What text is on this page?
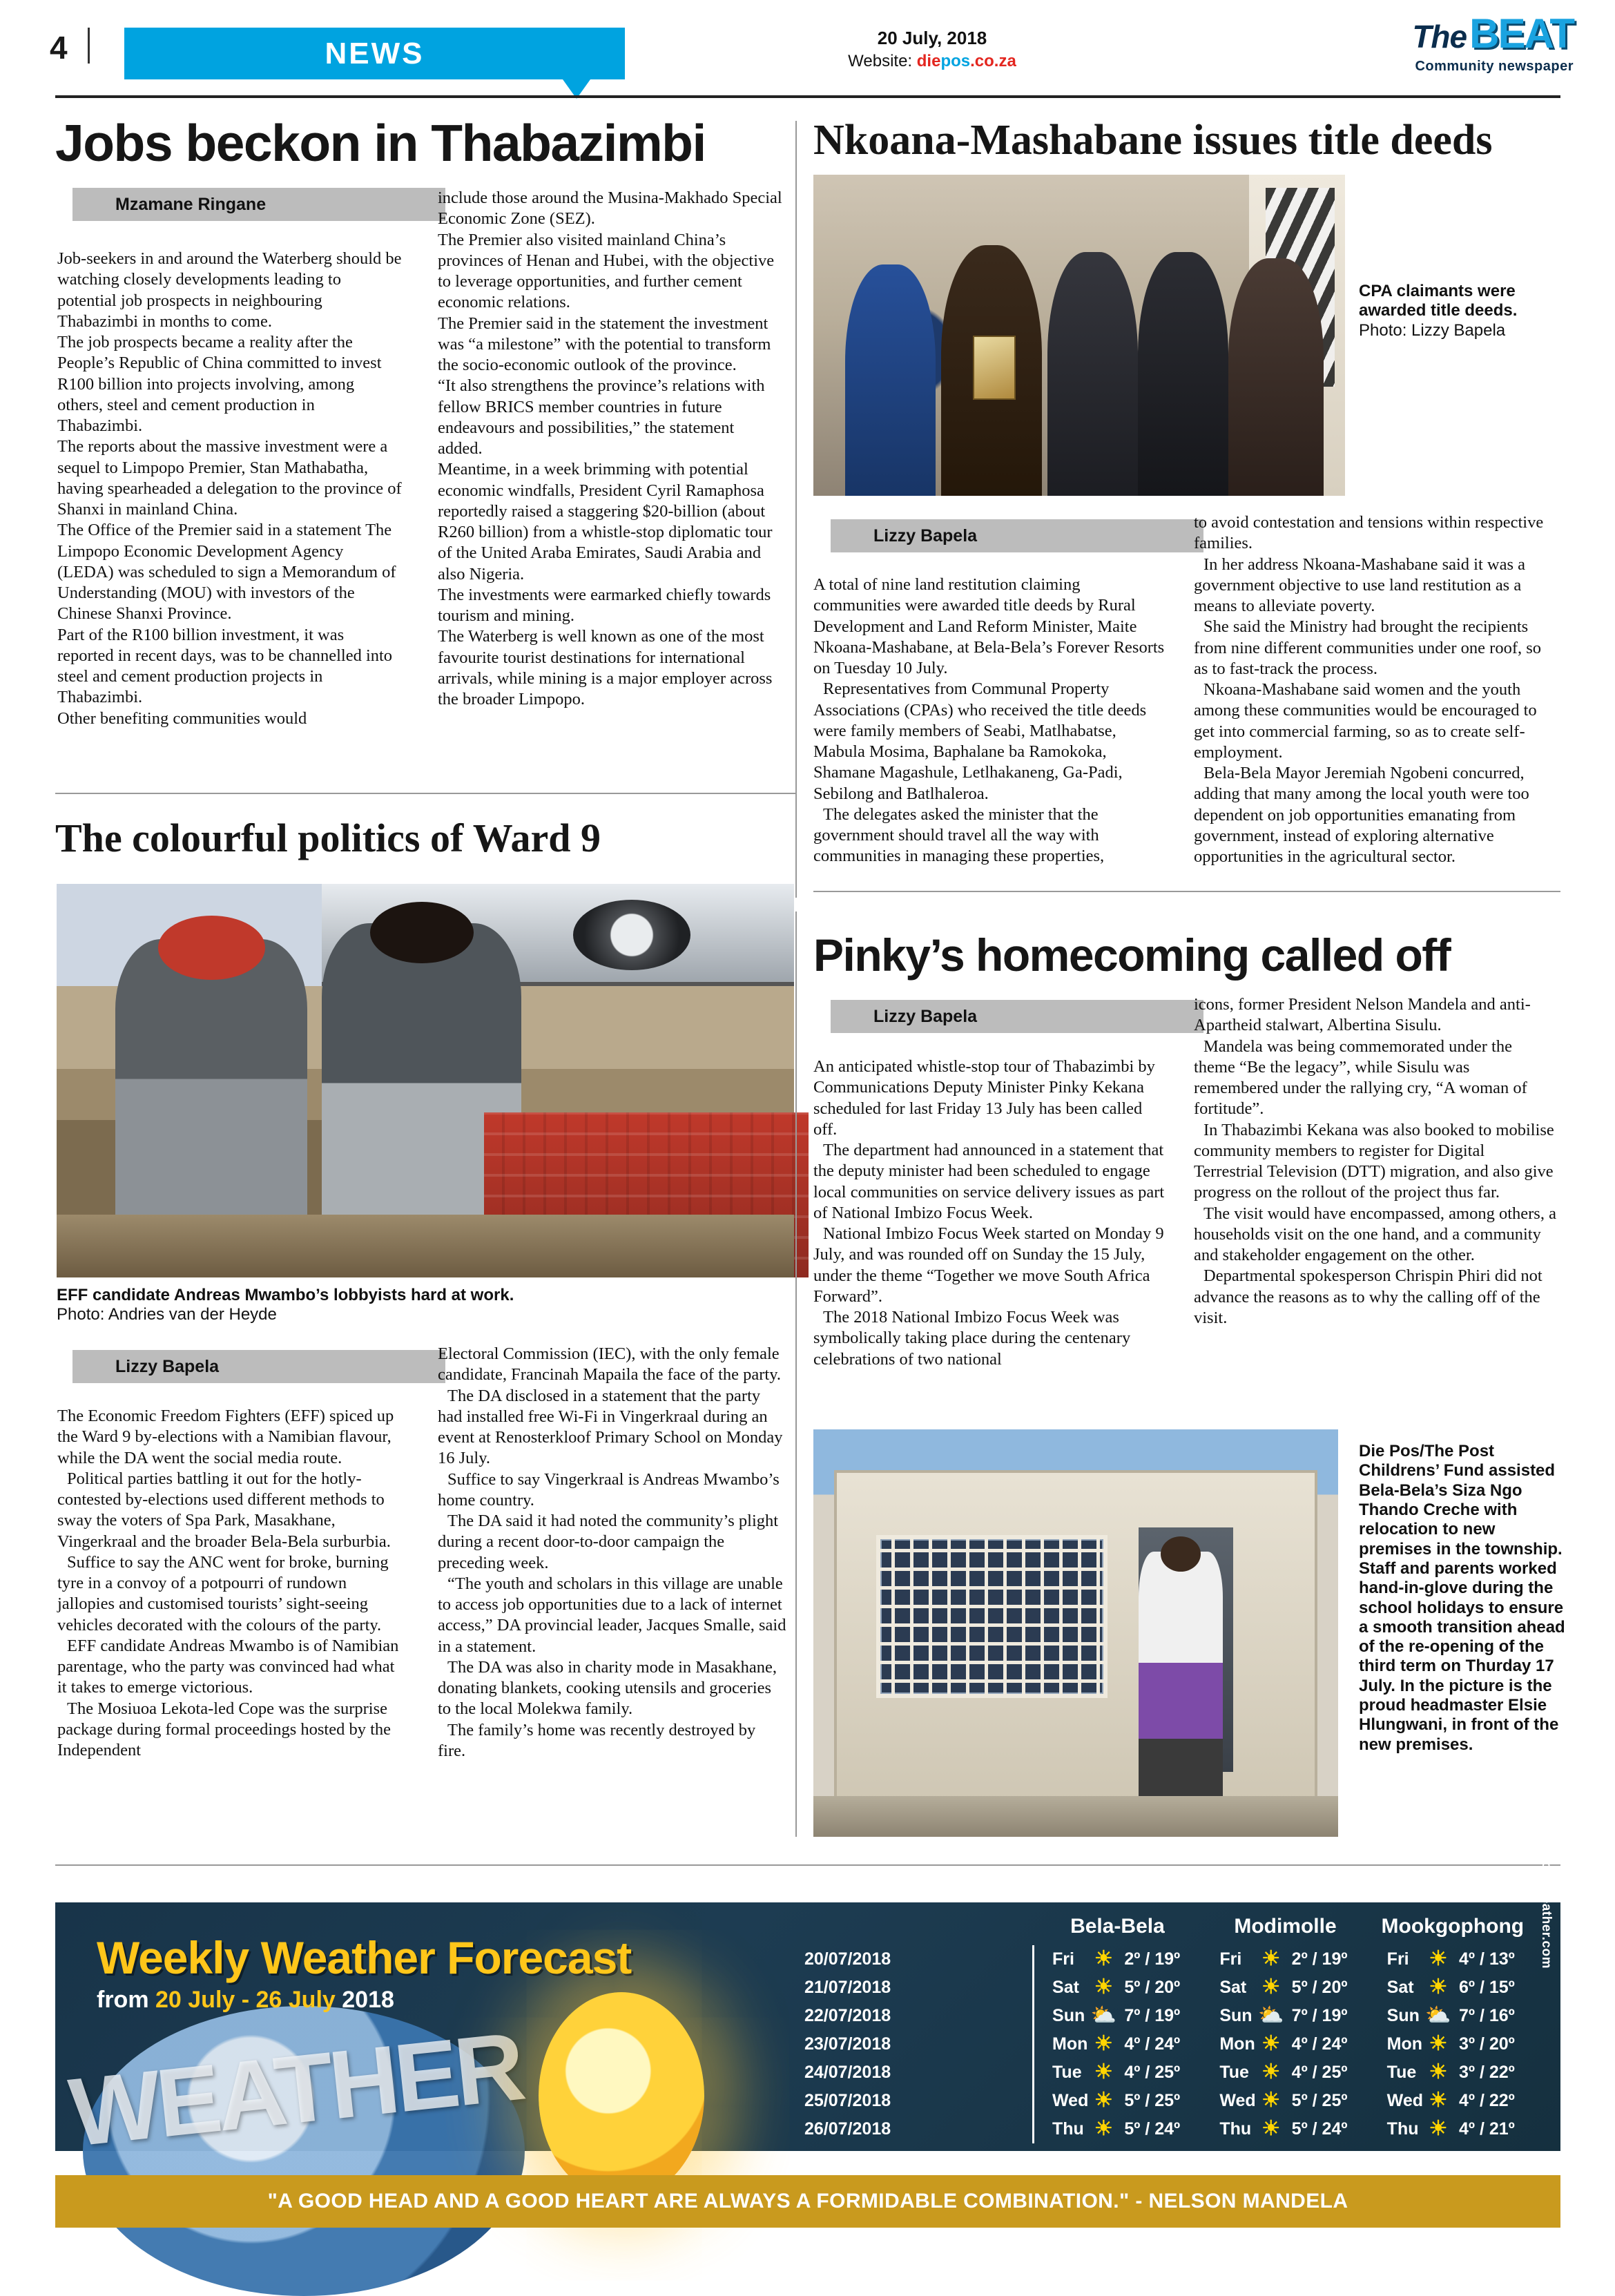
4	NEWS	20 July, 2018
Website: diepos.co.za
The BEAT
Community newspaper
Jobs beckon in Thabazimbi
Mzamane Ringane

Job-seekers in and around the Waterberg should be watching closely developments leading to potential job prospects in neighbouring Thabazimbi in months to come.

The job prospects became a reality after the People’s Republic of China committed to invest R100 billion into projects involving, among others, steel and cement production in Thabazimbi.

The reports about the massive investment were a sequel to Limpopo Premier, Stan Mathabatha, having spearheaded a delegation to the province of Shanxi in mainland China.

The Office of the Premier said in a statement The Limpopo Economic Development Agency (LEDA) was scheduled to sign a Memorandum of Understanding (MOU) with investors of the Chinese Shanxi Province.

Part of the R100 billion investment, it was reported in recent days, was to be channelled into steel and cement production projects in Thabazimbi.

Other benefiting communities would

include those around the Musina-Makhado Special Economic Zone (SEZ).

The Premier also visited mainland China’s provinces of Henan and Hubei, with the objective to leverage opportunities, and further cement economic relations.

The Premier said in the statement the investment was “a milestone” with the potential to transform the socio-economic outlook of the province.

“It also strengthens the province’s relations with fellow BRICS member countries in future endeavours and possibilities,” the statement added.

Meantime, in a week brimming with potential economic windfalls, President Cyril Ramaphosa reportedly raised a staggering $20-billion (about R260 billion) from a whistle-stop diplomatic tour of the United Araba Emirates, Saudi Arabia and also Nigeria.

The investments were earmarked chiefly towards tourism and mining.

The Waterberg is well known as one of the most favourite tourist destinations for international arrivals, while mining is a major employer across the broader Limpopo.

Nkoana-Mashabane issues title deeds
CPA claimants were awarded title deeds. Photo: Lizzy Bapela
Lizzy Bapela

A total of nine land restitution claiming communities were awarded title deeds by Rural Development and Land Reform Minister, Maite Nkoana-Mashabane, at Bela-Bela’s Forever Resorts on Tuesday 10 July.

Representatives from Communal Property Associations (CPAs) who received the title deeds were family members of Seabi, Matlhabatse, Mabula Mosima, Baphalane ba Ramokoka, Shamane Magashule, Letlhakaneng, Ga-Padi, Sebilong and Batlhaleroa.

The delegates asked the minister that the government should travel all the way with communities in managing these properties,

to avoid contestation and tensions within respective families.

In her address Nkoana-Mashabane said it was a government objective to use land restitution as a means to alleviate poverty.

She said the Ministry had brought the recipients from nine different communities under one roof, so as to fast-track the process.

Nkoana-Mashabane said women and the youth among these communities would be encouraged to get into commercial farming, so as to create self-employment.

Bela-Bela Mayor Jeremiah Ngobeni concurred, adding that many among the local youth were too dependent on job opportunities emanating from government, instead of exploring alternative opportunities in the agricultural sector.

The colourful politics of Ward 9
EFF candidate Andreas Mwambo’s lobbyists hard at work.
Photo: Andries van der Heyde
Lizzy Bapela

The Economic Freedom Fighters (EFF) spiced up the Ward 9 by-elections with a Namibian flavour, while the DA went the social media route.

Political parties battling it out for the hotly-contested by-elections used different methods to sway the voters of Spa Park, Masakhane, Vingerkraal and the broader Bela-Bela surburbia.

Suffice to say the ANC went for broke, burning tyre in a convoy of a potpourri of rundown jallopies and customised tourists’ sight-seeing vehicles decorated with the colours of the party.

EFF candidate Andreas Mwambo is of Namibian parentage, who the party was convinced had what it takes to emerge victorious.

The Mosiuoa Lekota-led Cope was the surprise package during formal proceedings hosted by the Independent

Electoral Commission (IEC), with the only female candidate, Francinah Mapaila the face of the party.

The DA disclosed in a statement that the party had installed free Wi-Fi in Vingerkraal during an event at Renosterkloof Primary School on Monday 16 July.

Suffice to say Vingerkraal is Andreas Mwambo’s home country.

The DA said it had noted the community’s plight during a recent door-to-door campaign the preceding week.

“The youth and scholars in this village are unable to access job opportunities due to a lack of internet access,” DA provincial leader, Jacques Smalle, said in a statement.

The DA was also in charity mode in Masakhane, donating blankets, cooking utensils and groceries to the local Molekwa family.

The family’s home was recently destroyed by fire.

Pinky’s homecoming called off
Lizzy Bapela

An anticipated whistle-stop tour of Thabazimbi by Communications Deputy Minister Pinky Kekana scheduled for last Friday 13 July has been called off.

The department had announced in a statement that the deputy minister had been scheduled to engage local communities on service delivery issues as part of National Imbizo Focus Week.

National Imbizo Focus Week started on Monday 9 July, and was rounded off on Sunday the 15 July, under the theme “Together we move South Africa Forward”.

The 2018 National Imbizo Focus Week was symbolically taking place during the centenary celebrations of two national

icons, former President Nelson Mandela and anti-Apartheid stalwart, Albertina Sisulu.

Mandela was being commemorated under the theme “Be the legacy”, while Sisulu was remembered under the rallying cry, “A woman of fortitude”.

In Thabazimbi Kekana was also booked to mobilise community members to register for Digital Terrestrial Television (DTT) migration, and also give progress on the rollout of the project thus far.

The visit would have encompassed, among others, a households visit on the one hand, and a community and stakeholder engagement on the other.

Departmental spokesperson Chrispin Phiri did not advance the reasons as to why the calling off of the visit.

Die Pos/The Post Childrens’ Fund assisted Bela-Bela’s Siza Ngo Thando Creche with relocation to new premises in the township. Staff and parents worked hand-in-glove during the school holidays to ensure a smooth transition ahead of the re-opening of the third term on Thurday 17 July. In the picture is the proud headmaster Elsie Hlungwani, in front of the new premises.
WEATHER
Weekly Weather Forecast
from 20 July - 26 July 2018
	Bela-Bela			Modimolle			Mookgophong		
20/07/2018	Fri	☀	2º / 19º	Fri	☀	2º / 19º	Fri	☀	4º / 13º
21/07/2018	Sat	☀	5º / 20º	Sat	☀	5º / 20º	Sat	☀	6º / 15º
22/07/2018	Sun	⛅	7º / 19º	Sun	⛅	7º / 19º	Sun	⛅	7º / 16º
23/07/2018	Mon	☀	4º / 24º	Mon	☀	4º / 24º	Mon	☀	3º / 20º
24/07/2018	Tue	☀	4º / 25º	Tue	☀	4º / 25º	Tue	☀	3º / 22º
25/07/2018	Wed	☀	5º / 25º	Wed	☀	5º / 25º	Wed	☀	4º / 22º
26/07/2018	Thu	☀	5º / 24º	Thu	☀	5º / 24º	Thu	☀	4º / 21º
www.accuweather.com
"A GOOD HEAD AND A GOOD HEART ARE ALWAYS A FORMIDABLE COMBINATION." - NELSON MANDELA
